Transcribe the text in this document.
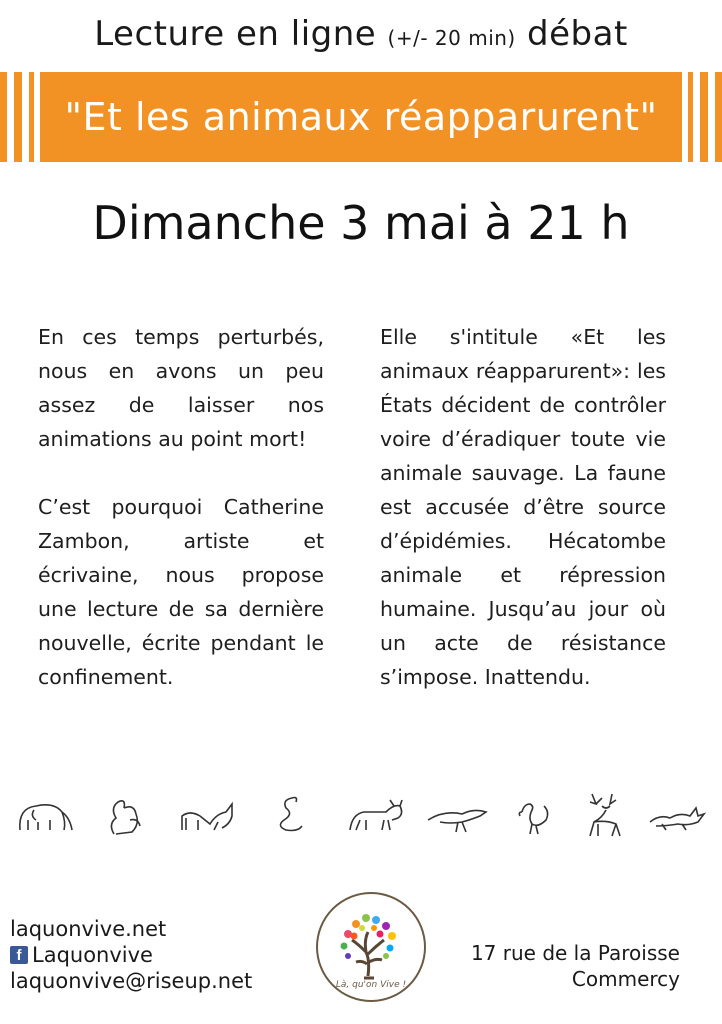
Lecture en ligne (+/- 20 min) débat
"Et les animaux réapparurent"
Dimanche 3 mai à 21 h

En ces temps perturbés, nous en avons un peu assez de laisser nos animations au point mort!

C’est pourquoi Catherine Zambon, artiste et écrivaine, nous propose une lecture de sa dernière nouvelle, écrite pendant le confinement.

Elle s'intitule «Et les animaux réapparurent»: les États décident de contrôler voire d’éradiquer toute vie animale sauvage. La faune est accusée d’être source d’épidémies. Hécatombe animale et répression humaine. Jusqu’au jour où un acte de résistance s’impose. Inattendu.

laquonvive.net
f Laquonvive
laquonvive@riseup.net	Là, qu'on Vive !
17 rue de la Paroisse
Commercy
